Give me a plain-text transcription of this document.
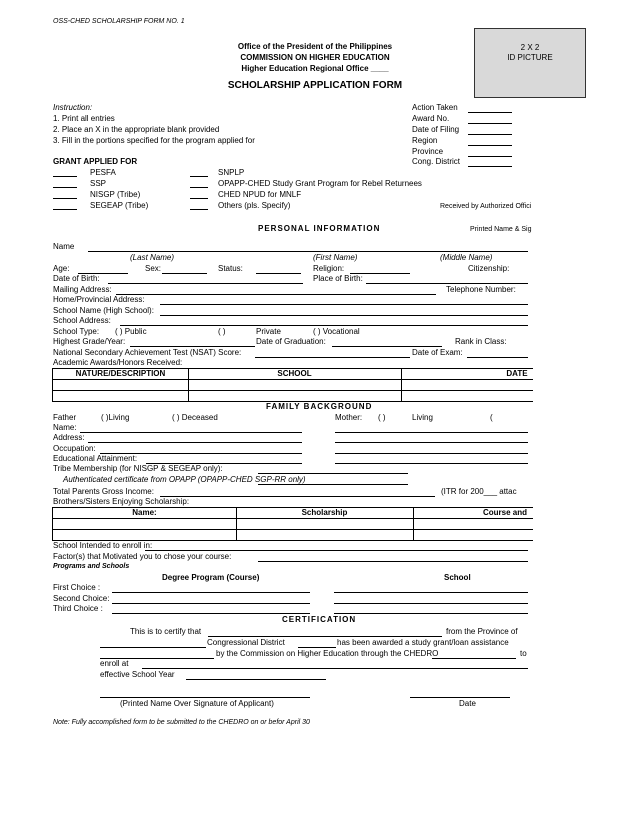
OSS-CHED SCHOLARSHIP FORM NO. 1
Office of the President of the Philippines
COMMISSION ON HIGHER EDUCATION
Higher Education Regional Office ____
SCHOLARSHIP APPLICATION FORM
2 X 2
ID PICTURE
Instruction:
1. Print all entries
2. Place an X in the appropriate blank provided
3. Fill in the portions specified for the program applied for
Action Taken
Award No.
Date of Filing
Region
Province
Cong. District
GRANT APPLIED FOR
PESFA
SSP
NISGP (Tribe)
SEGEAP (Tribe)
SNPLP
OPAPP-CHED Study Grant Program for Rebel Returnees
CHED NPUD for MNLF
Others (pls. Specify)	Received by Authorized Offici
PERSONAL INFORMATION	Printed Name & Sig
Name
(Last Name)	(First Name)	(Middle Name)
Age:	Sex:	Status:	Religion:	Citizenship:
Date of Birth:	Place of Birth:
Mailing Address:	Telephone Number:
Home/Provincial Address:
School Name (High School):
School Address:
School Type: ( ) Public	( )	Private	( ) Vocational
Highest Grade/Year:	Date of Graduation:	Rank in Class:
National Secondary Achievement Test (NSAT) Score:	Date of Exam:
Academic Awards/Honors Received:
NATURE/DESCRIPTION	SCHOOL	DATE
FAMILY BACKGROUND
Father	( )Living	( ) Deceased	Mother: ( )	Living	(
Name:
Address:
Occupation:
Educational Attainment:
Tribe Membership (for NISGP & SEGEAP only):
Authenticated certificate from OPAPP (OPAPP-CHED SGP-RR only)
Total Parents Gross Income:	(ITR for 200___ attac
Brothers/Sisters Enjoying Scholarship:
Name:	Scholarship	Course and
School Intended to enroll in:
Factor(s) that Motivated you to chose your course:
Programs and Schools
Degree Program (Course)	School
First Choice :
Second Choice:
Third Choice :
CERTIFICATION
This is to certify that	from the Province of
Congressional District	has been awarded a study grant/loan assistance
by the Commission on Higher Education through the CHEDRO	to
enroll at
effective School Year
(Printed Name Over Signature of Applicant)	Date
Note: Fully accomplished form to be submitted to the CHEDRO on or befor April 30
